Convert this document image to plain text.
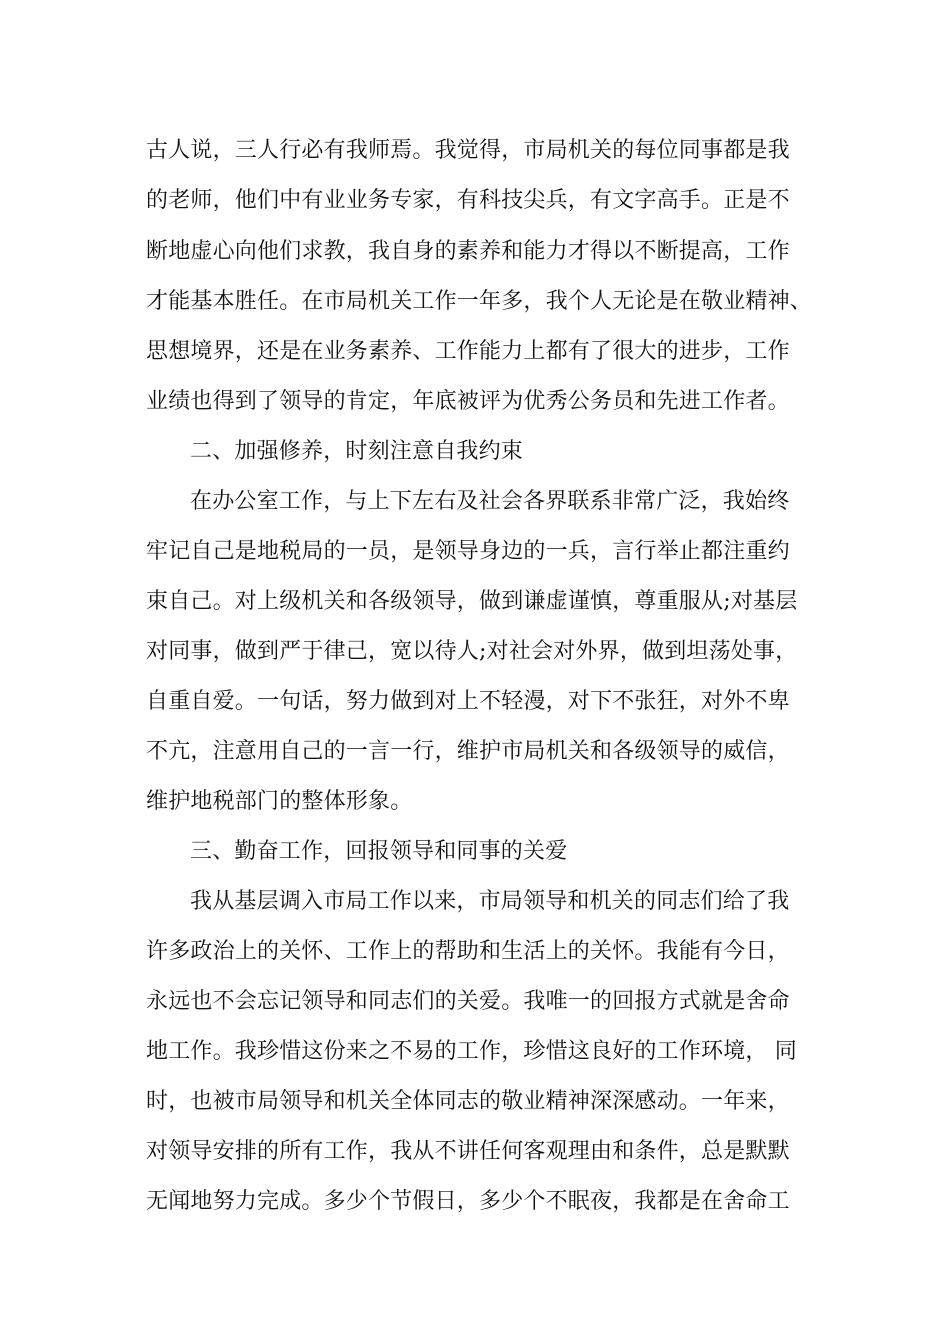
古人说，三人行必有我师焉。我觉得，市局机关的每位同事都是我
的老师，他们中有业业务专家，有科技尖兵，有文字高手。正是不
断地虚心向他们求教，我自身的素养和能力才得以不断提高，工作
才能基本胜任。在市局机关工作一年多，我个人无论是在敬业精神、
思想境界，还是在业务素养、工作能力上都有了很大的进步，工作
业绩也得到了领导的肯定，年底被评为优秀公务员和先进工作者。
二、加强修养，时刻注意自我约束
在办公室工作，与上下左右及社会各界联系非常广泛，我始终
牢记自己是地税局的一员，是领导身边的一兵，言行举止都注重约
束自己。对上级机关和各级领导，做到谦虚谨慎，尊重服从;对基层
对同事，做到严于律己，宽以待人;对社会对外界，做到坦荡处事，
自重自爱。一句话，努力做到对上不轻漫，对下不张狂，对外不卑
不亢，注意用自己的一言一行，维护市局机关和各级领导的威信，
维护地税部门的整体形象。
三、勤奋工作，回报领导和同事的关爱
我从基层调入市局工作以来，市局领导和机关的同志们给了我
许多政治上的关怀、工作上的帮助和生活上的关怀。我能有今日，
永远也不会忘记领导和同志们的关爱。我唯一的回报方式就是舍命
地工作。我珍惜这份来之不易的工作，珍惜这良好的工作环境， 同
时，也被市局领导和机关全体同志的敬业精神深深感动。一年来，
对领导安排的所有工作，我从不讲任何客观理由和条件，总是默默
无闻地努力完成。多少个节假日，多少个不眠夜，我都是在舍命工
